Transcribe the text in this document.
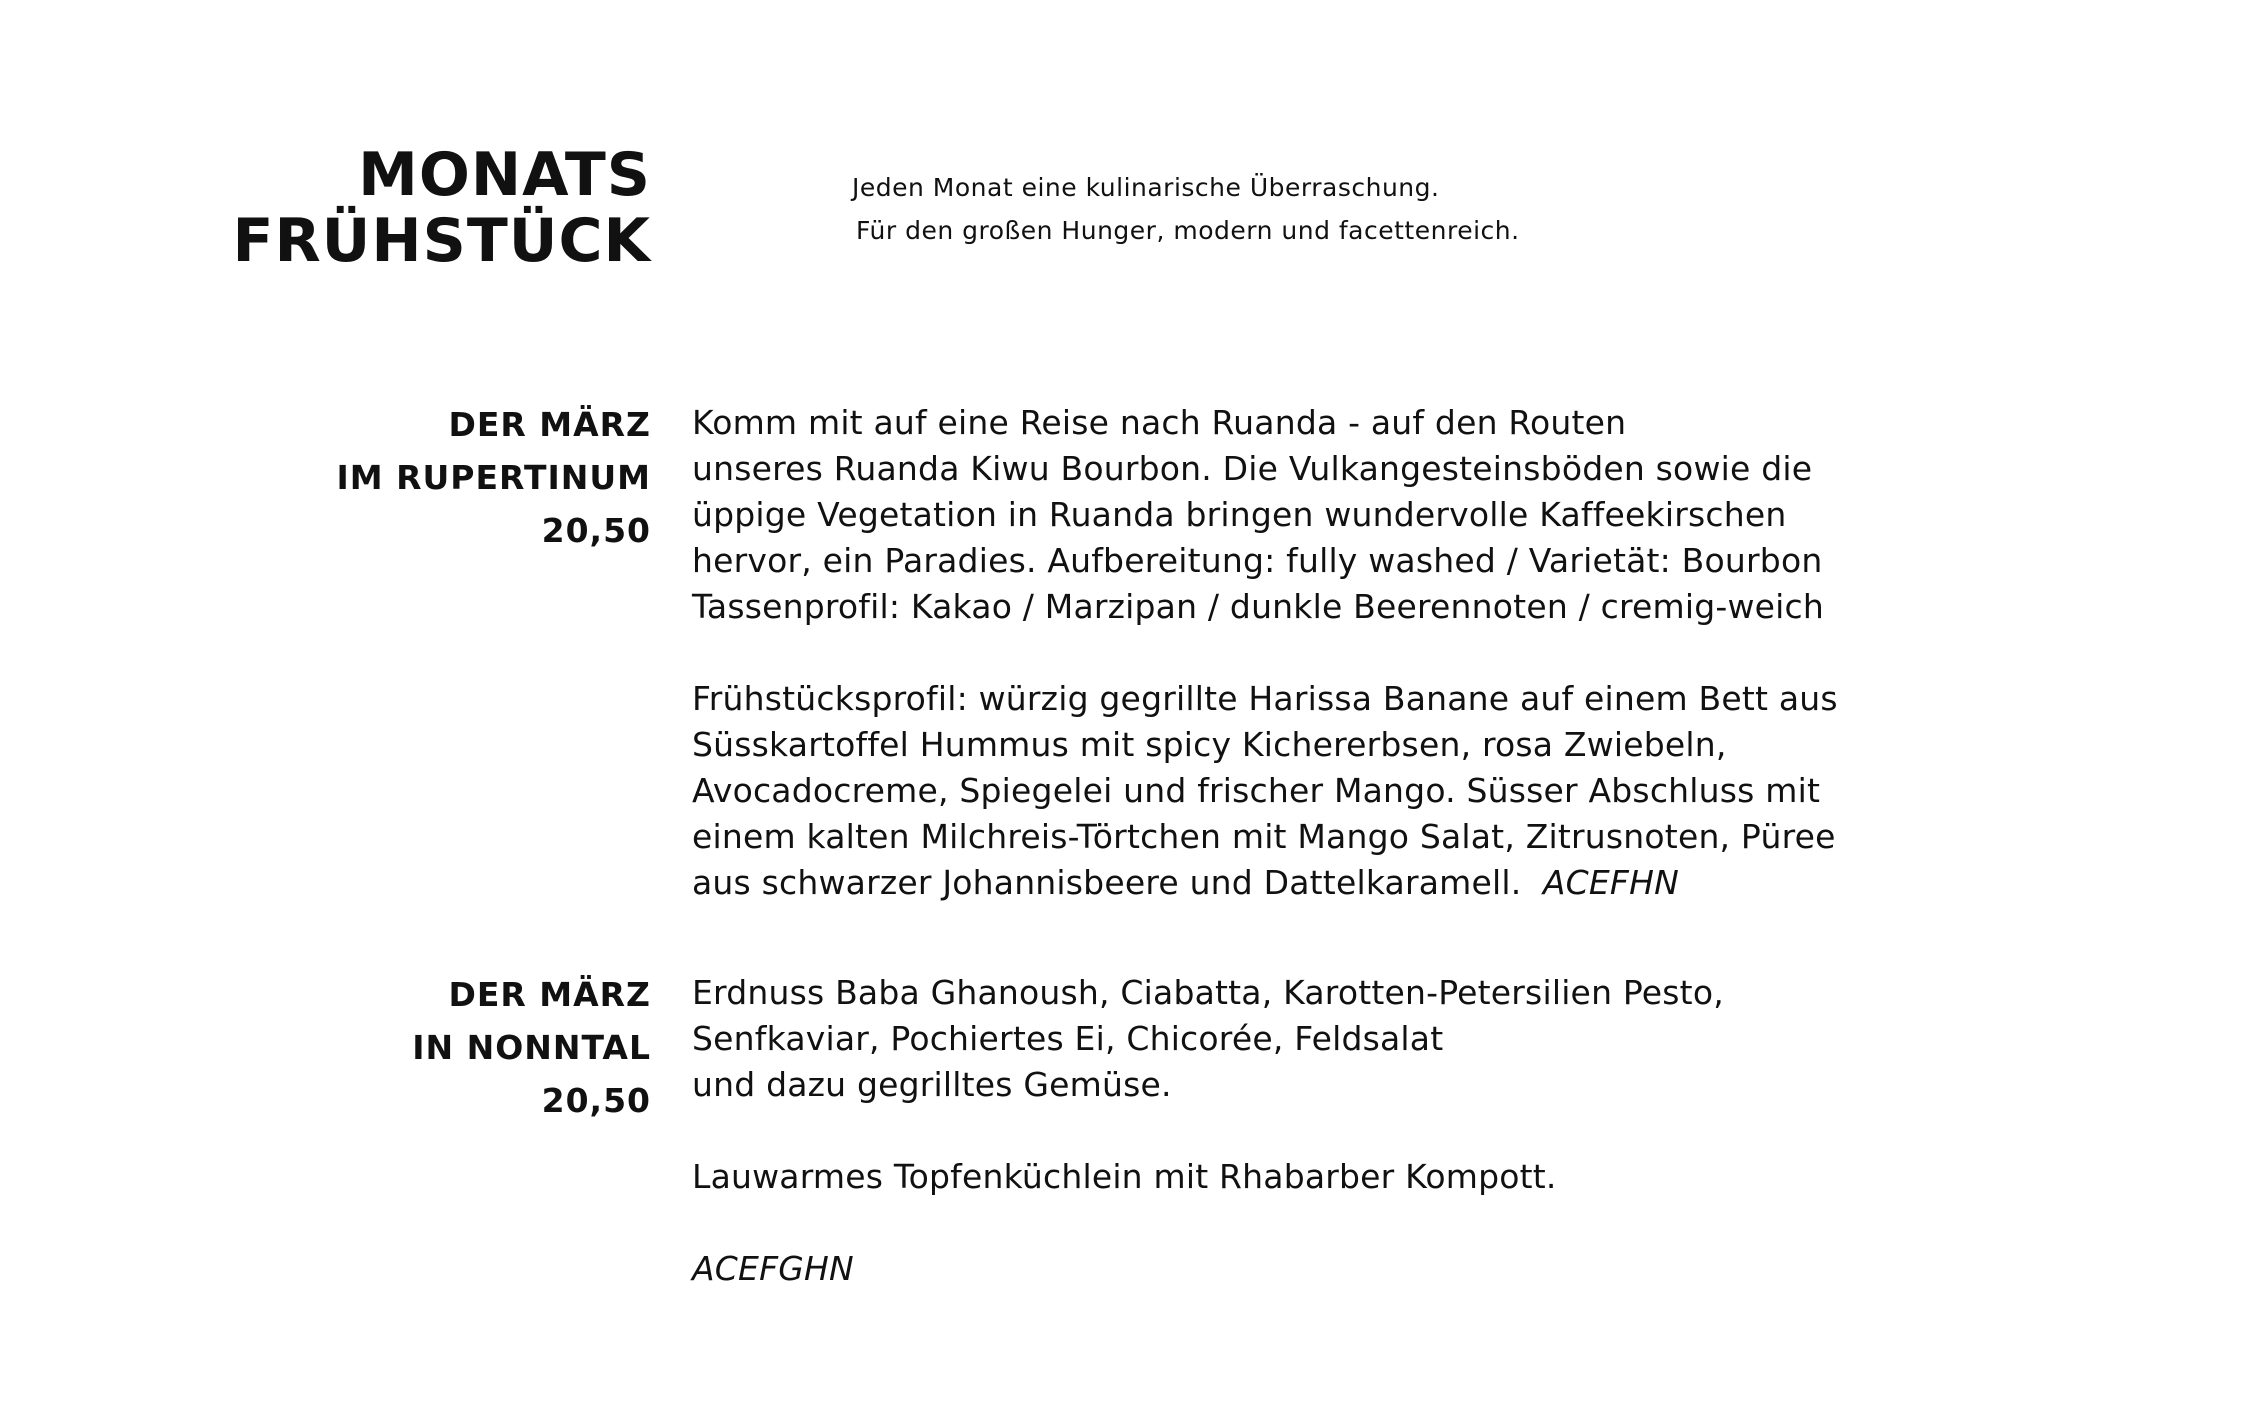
MONATS
FRÜHSTÜCK
Jeden Monat eine kulinarische Überraschung.
Für den großen Hunger, modern und facettenreich.
DER MÄRZ
IM RUPERTINUM
20,50
Komm mit auf eine Reise nach Ruanda - auf den Routen
unseres Ruanda Kiwu Bourbon. Die Vulkangesteinsböden sowie die
üppige Vegetation in Ruanda bringen wundervolle Kaffeekirschen
hervor, ein Paradies. Aufbereitung: fully washed / Varietät: Bourbon
Tassenprofil: Kakao / Marzipan / dunkle Beerennoten / cremig-weich
Frühstücksprofil: würzig gegrillte Harissa Banane auf einem Bett aus
Süsskartoffel Hummus mit spicy Kichererbsen, rosa Zwiebeln,
Avocadocreme, Spiegelei und frischer Mango. Süsser Abschluss mit
einem kalten Milchreis-Törtchen mit Mango Salat, Zitrusnoten, Püree
aus schwarzer Johannisbeere und Dattelkaramell. ACEFHN
DER MÄRZ
IN NONNTAL
20,50
Erdnuss Baba Ghanoush, Ciabatta, Karotten-Petersilien Pesto,
Senfkaviar, Pochiertes Ei, Chicorée, Feldsalat
und dazu gegrilltes Gemüse.
Lauwarmes Topfenküchlein mit Rhabarber Kompott.
ACEFGHN
